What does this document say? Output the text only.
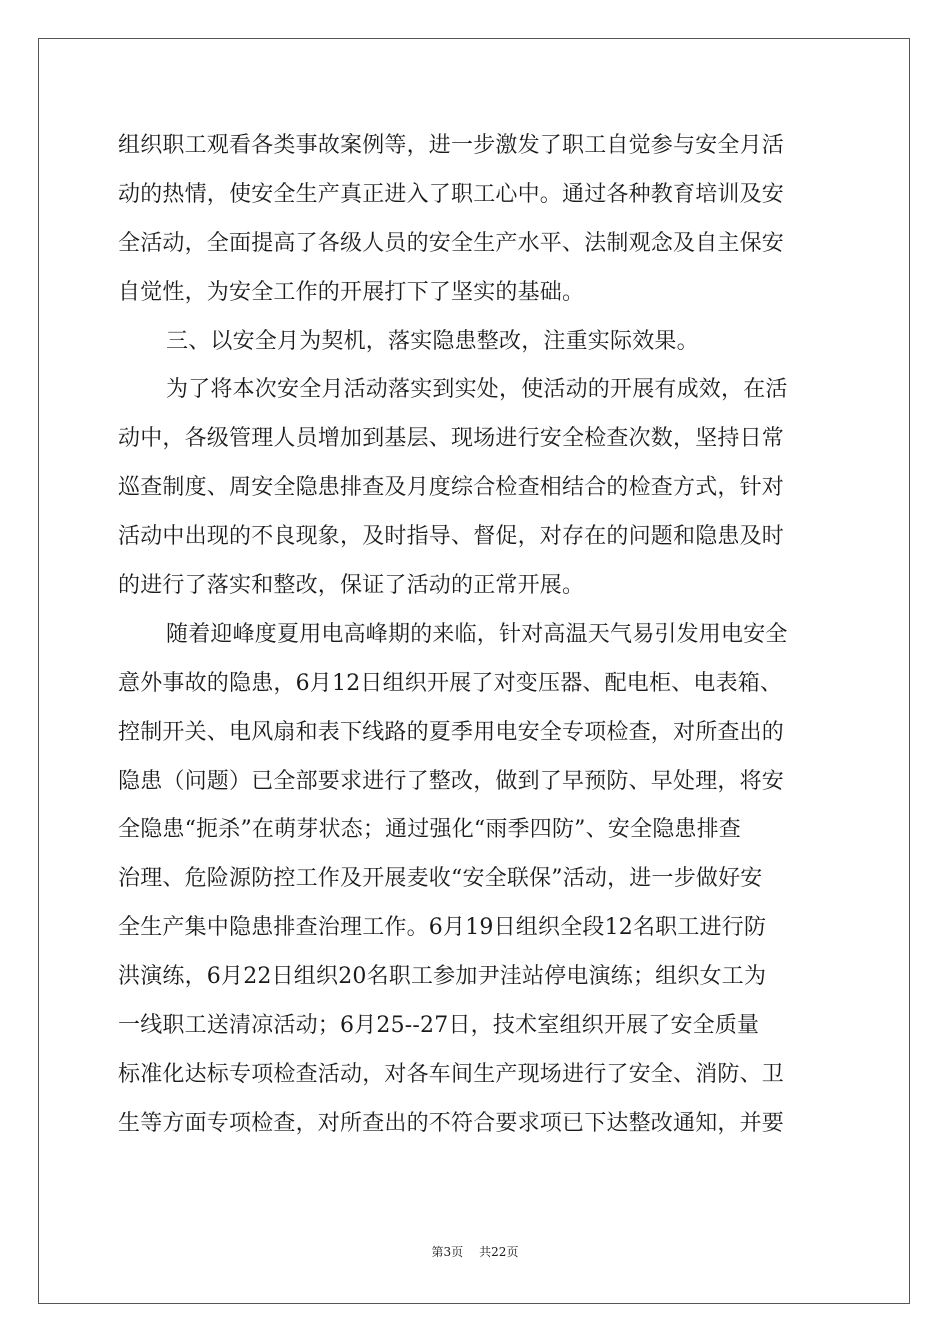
组织职工观看各类事故案例等，进一步激发了职工自觉参与安全月活
动的热情，使安全生产真正进入了职工心中。通过各种教育培训及安
全活动，全面提高了各级人员的安全生产水平、法制观念及自主保安
自觉性，为安全工作的开展打下了坚实的基础。
三、以安全月为契机，落实隐患整改，注重实际效果。
为了将本次安全月活动落实到实处，使活动的开展有成效，在活
动中，各级管理人员增加到基层、现场进行安全检查次数，坚持日常
巡查制度、周安全隐患排查及月度综合检查相结合的检查方式，针对
活动中出现的不良现象，及时指导、督促，对存在的问题和隐患及时
的进行了落实和整改，保证了活动的正常开展。
随着迎峰度夏用电高峰期的来临，针对高温天气易引发用电安全
意外事故的隐患，6月12日组织开展了对变压器、配电柜、电表箱、
控制开关、电风扇和表下线路的夏季用电安全专项检查，对所查出的
隐患（问题）已全部要求进行了整改，做到了早预防、早处理，将安
全隐患“扼杀”在萌芽状态；通过强化“雨季四防”、安全隐患排查
治理、危险源防控工作及开展麦收“安全联保”活动，进一步做好安
全生产集中隐患排查治理工作。6月19日组织全段12名职工进行防
洪演练，6月22日组织20名职工参加尹洼站停电演练；组织女工为
一线职工送清凉活动；6月25--27日，技术室组织开展了安全质量
标准化达标专项检查活动，对各车间生产现场进行了安全、消防、卫
生等方面专项检查，对所查出的不符合要求项已下达整改通知，并要
第3页 共22页
